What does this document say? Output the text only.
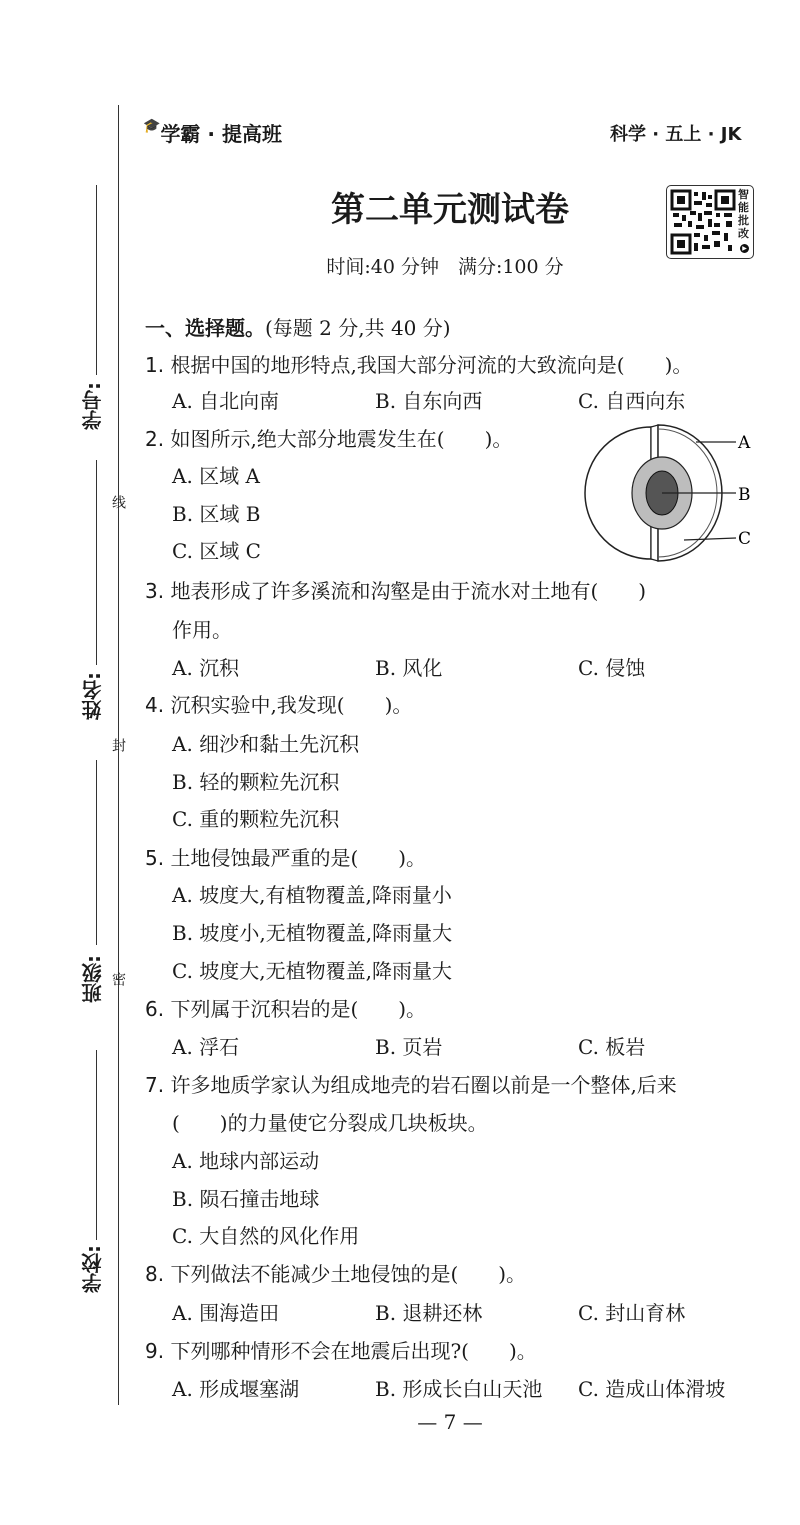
学号:
姓名:
班级:
学校:
线
封
密
🎓学霸 · 提高班	科学 · 五上 · JK
第二单元测试卷	智能批改
▶
时间:40 分钟　满分:100 分
一、选择题。(每题 2 分,共 40 分)
1. 根据中国的地形特点,我国大部分河流的大致流向是(　　)。
A. 自北向南	B. 自东向西	C. 自西向东
2. 如图所示,绝大部分地震发生在(　　)。
A. 区域 A
B. 区域 B
C. 区域 C
A
B
C
3. 地表形成了许多溪流和沟壑是由于流水对土地有(　　)
作用。
A. 沉积	B. 风化	C. 侵蚀
4. 沉积实验中,我发现(　　)。
A. 细沙和黏土先沉积
B. 轻的颗粒先沉积
C. 重的颗粒先沉积
5. 土地侵蚀最严重的是(　　)。
A. 坡度大,有植物覆盖,降雨量小
B. 坡度小,无植物覆盖,降雨量大
C. 坡度大,无植物覆盖,降雨量大
6. 下列属于沉积岩的是(　　)。
A. 浮石	B. 页岩	C. 板岩
7. 许多地质学家认为组成地壳的岩石圈以前是一个整体,后来
(　　)的力量使它分裂成几块板块。
A. 地球内部运动
B. 陨石撞击地球
C. 大自然的风化作用
8. 下列做法不能减少土地侵蚀的是(　　)。
A. 围海造田	B. 退耕还林	C. 封山育林
9. 下列哪种情形不会在地震后出现?(　　)。
A. 形成堰塞湖	B. 形成长白山天池 C. 造成山体滑坡
— 7 —
